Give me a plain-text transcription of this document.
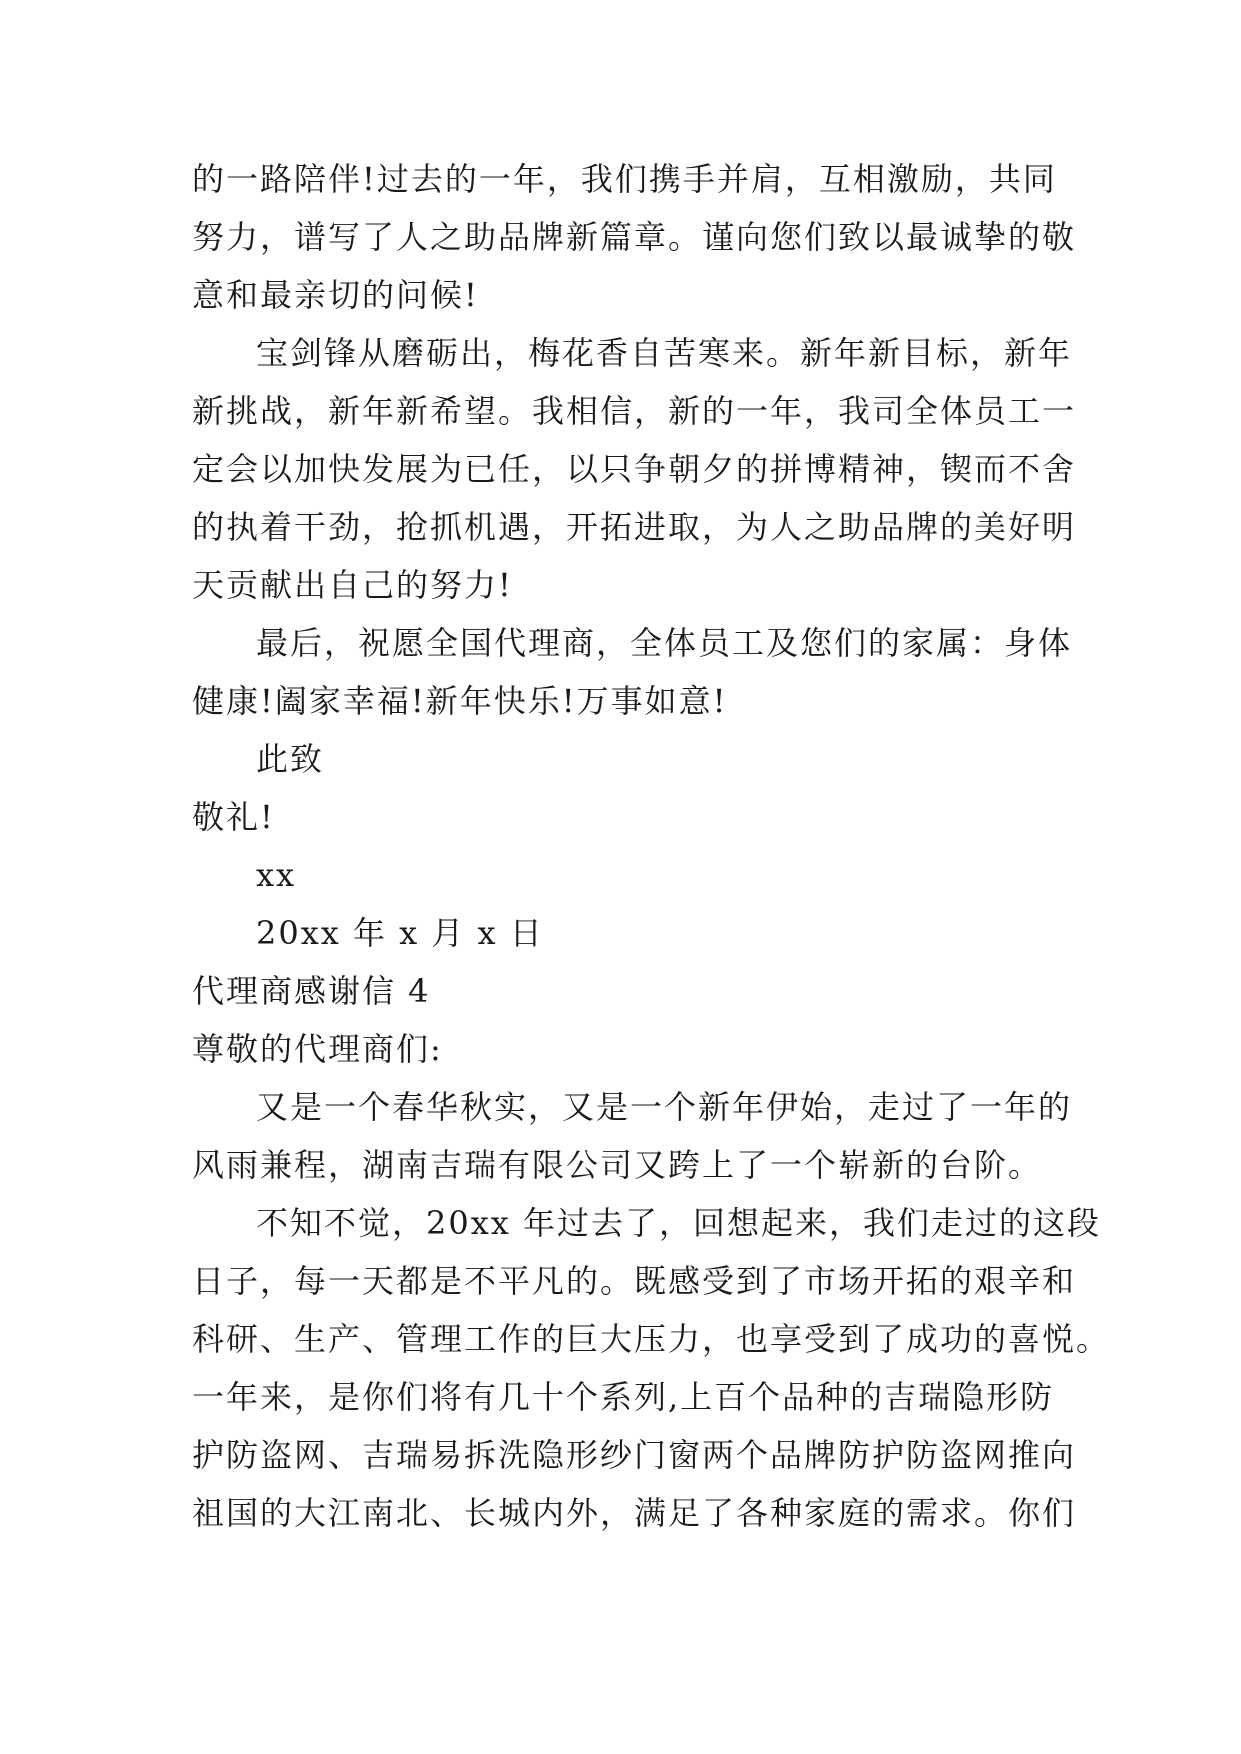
的一路陪伴!过去的一年，我们携手并肩，互相激励，共同
努力，谱写了人之助品牌新篇章。谨向您们致以最诚挚的敬
意和最亲切的问候!
宝剑锋从磨砺出，梅花香自苦寒来。新年新目标，新年
新挑战，新年新希望。我相信，新的一年，我司全体员工一
定会以加快发展为已任，以只争朝夕的拼博精神，锲而不舍
的执着干劲，抢抓机遇，开拓进取，为人之助品牌的美好明
天贡献出自己的努力!
最后，祝愿全国代理商，全体员工及您们的家属：身体
健康!阖家幸福!新年快乐!万事如意!
此致
敬礼!
xx
20xx 年 x 月 x 日
代理商感谢信 4
尊敬的代理商们:
又是一个春华秋实，又是一个新年伊始，走过了一年的
风雨兼程，湖南吉瑞有限公司又跨上了一个崭新的台阶。
不知不觉，20xx 年过去了，回想起来，我们走过的这段
日子，每一天都是不平凡的。既感受到了市场开拓的艰辛和
科研、生产、管理工作的巨大压力，也享受到了成功的喜悦。
一年来，是你们将有几十个系列,上百个品种的吉瑞隐形防
护防盗网、吉瑞易拆洗隐形纱门窗两个品牌防护防盗网推向
祖国的大江南北、长城内外，满足了各种家庭的需求。你们
